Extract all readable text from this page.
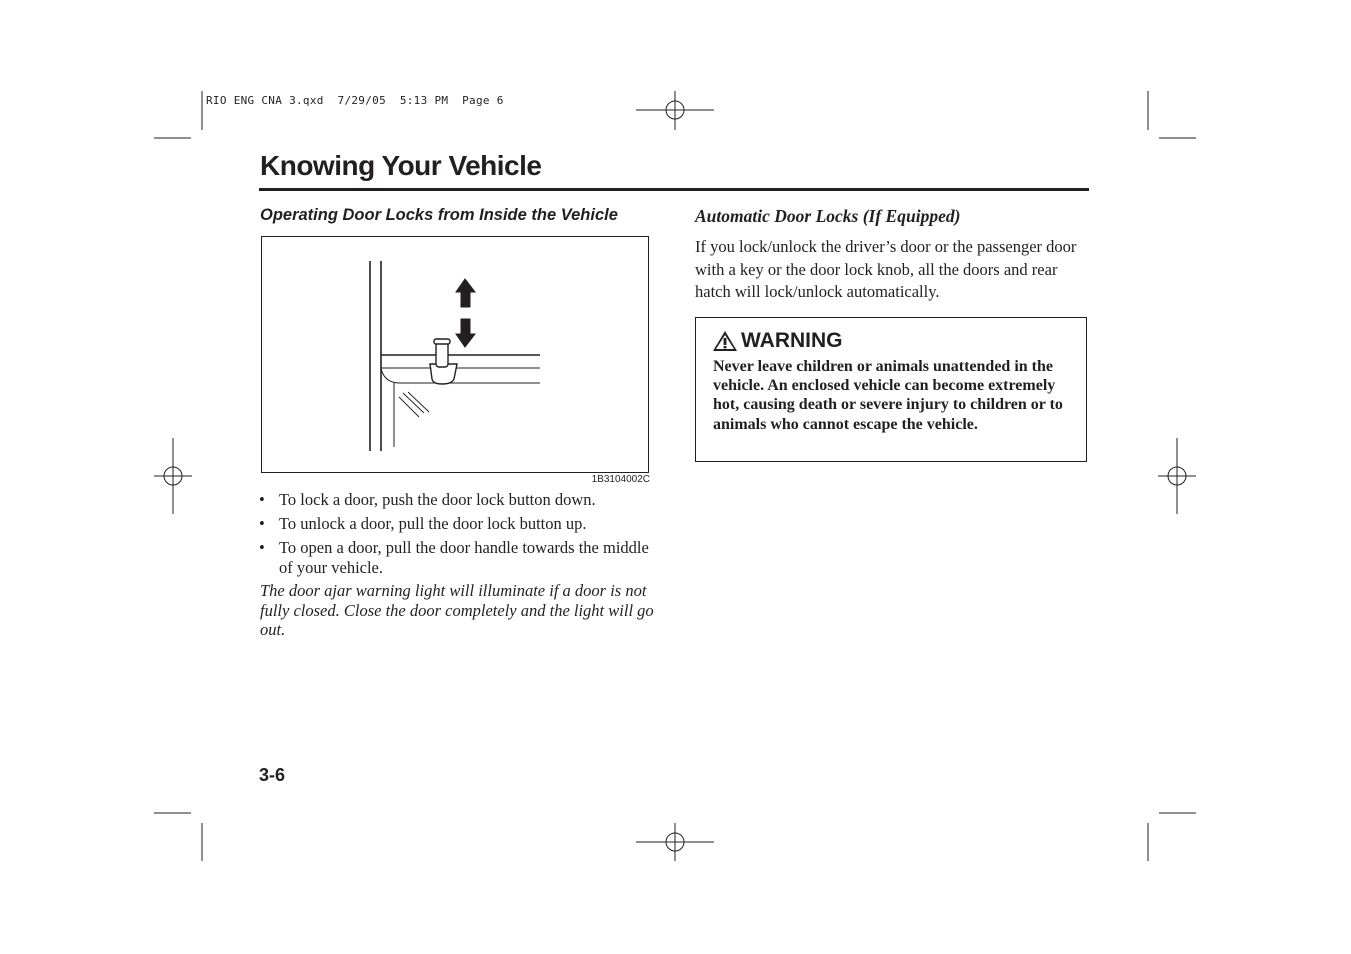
RIO ENG CNA 3.qxd  7/29/05  5:13 PM  Page 6
Knowing Your Vehicle
Operating Door Locks from Inside the Vehicle
1B3104002C
• To lock a door, push the door lock button down.
• To unlock a door, pull the door lock button up.
• To open a door, pull the door handle towards the middle of your vehicle.
The door ajar warning light will illuminate if a door is not fully closed. Close the door completely and the light will go out.
Automatic Door Locks (If Equipped)
If you lock/unlock the driver’s door or the passenger door with a key or the door lock knob, all the doors and rear hatch will lock/unlock automatically.
WARNING
Never leave children or animals unattended in the vehicle. An enclosed vehicle can become extremely hot, causing death or severe injury to children or to animals who cannot escape the vehicle.
3-6
